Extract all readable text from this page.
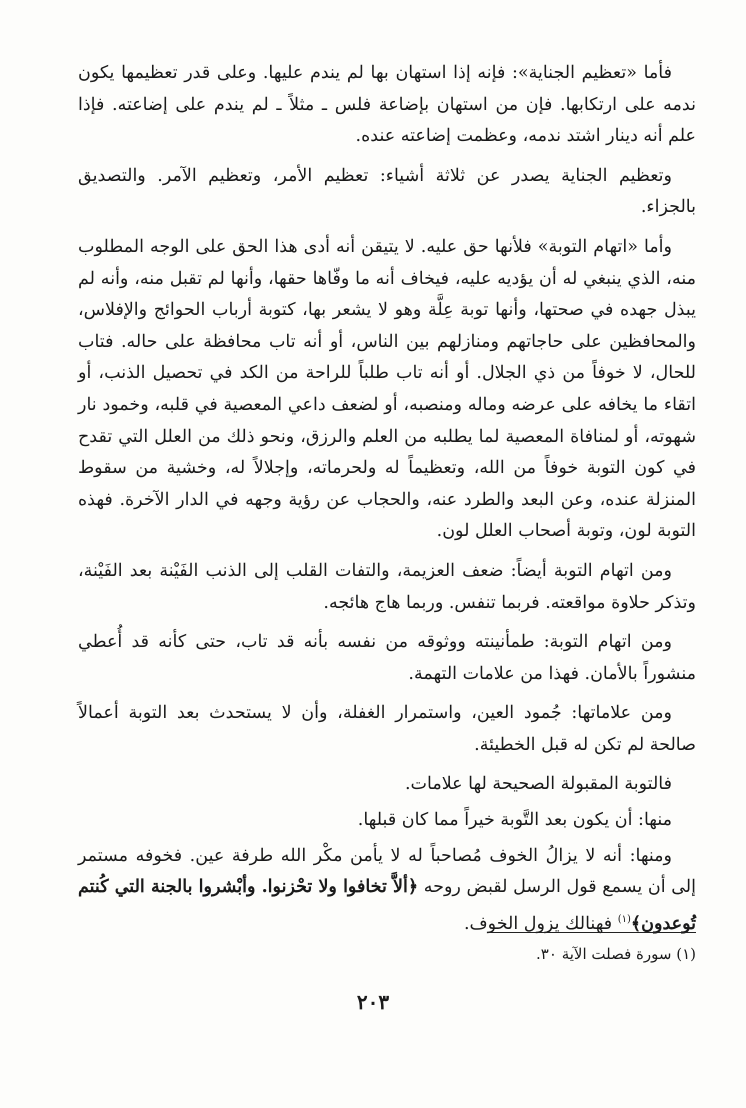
فأما «تعظيم الجناية»: فإنه إذا استهان بها لم يندم عليها. وعلى قدر تعظيمها يكون ندمه على ارتكابها. فإن من استهان بإضاعة فلس ـ مثلاً ـ لم يندم على إضاعته. فإذا علم أنه دينار اشتد ندمه، وعظمت إضاعته عنده.

وتعظيم الجناية يصدر عن ثلاثة أشياء: تعظيم الأمر، وتعظيم الآمر. والتصديق بالجزاء.

وأما «اتهام التوبة» فلأنها حق عليه. لا يتيقن أنه أدى هذا الحق على الوجه المطلوب منه، الذي ينبغي له أن يؤديه عليه، فيخاف أنه ما وفّاها حقها، وأنها لم تقبل منه، وأنه لم يبذل جهده في صحتها، وأنها توبة عِلَّة وهو لا يشعر بها، كتوبة أرباب الحوائج والإفلاس، والمحافظين على حاجاتهم ومنازلهم بين الناس، أو أنه تاب محافظة على حاله. فتاب للحال، لا خوفاً من ذي الجلال. أو أنه تاب طلباً للراحة من الكد في تحصيل الذنب، أو اتقاء ما يخافه على عرضه وماله ومنصبه، أو لضعف داعي المعصية في قلبه، وخمود نار شهوته، أو لمنافاة المعصية لما يطلبه من العلم والرزق، ونحو ذلك من العلل التي تقدح في كون التوبة خوفاً من الله، وتعظيماً له ولحرماته، وإجلالاً له، وخشية من سقوط المنزلة عنده، وعن البعد والطرد عنه، والحجاب عن رؤية وجهه في الدار الآخرة. فهذه التوبة لون، وتوبة أصحاب العلل لون.

ومن اتهام التوبة أيضاً: ضعف العزيمة، والتفات القلب إلى الذنب الفَيْنة بعد الفَيْنة، وتذكر حلاوة مواقعته. فربما تنفس. وربما هاج هائجه.

ومن اتهام التوبة: طمأنينته ووثوقه من نفسه بأنه قد تاب، حتى كأنه قد أُعطي منشوراً بالأمان. فهذا من علامات التهمة.

ومن علاماتها: جُمود العين، واستمرار الغفلة، وأن لا يستحدث بعد التوبة أعمالاً صالحة لم تكن له قبل الخطيئة.

فالتوبة المقبولة الصحيحة لها علامات.

منها: أن يكون بعد التَّوبة خيراً مما كان قبلها.

ومنها: أنه لا يزالُ الخوف مُصاحباً له لا يأمن مكْر الله طرفة عين. فخوفه مستمر إلى أن يسمع قول الرسل لقبض روحه ﴿ألاَّ تخافوا ولا تحْزنوا. وأبْشروا بالجنة التي كُنتم تُوعدون﴾$^{(١)}$ فهنالك يزول الخوف.

(١) سورة فصلت الآية ٣٠.
٢٠٣
